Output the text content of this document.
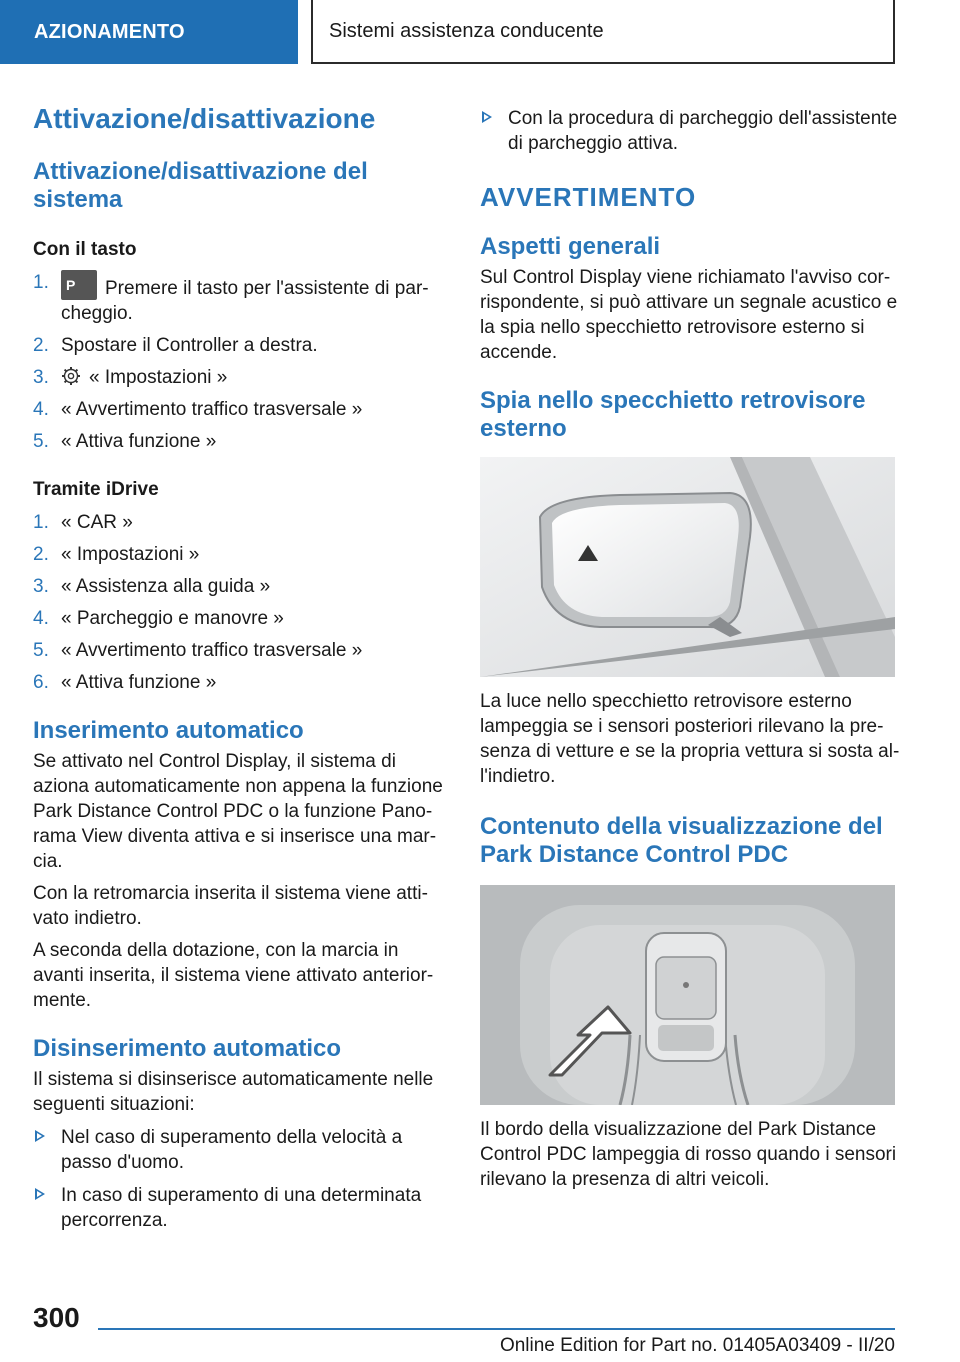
AZIONAMENTO	Sistemi assistenza conducente
Attivazione/disattivazione
Attivazione/disattivazione del sistema
Con il tasto
1. P Premere il tasto per l'assistente di parcheggio.
2. Spostare il Controller a destra.
3. « Impostazioni »
4. « Avvertimento traffico trasversale »
5. « Attiva funzione »
Tramite iDrive
1. « CAR »
2. « Impostazioni »
3. « Assistenza alla guida »
4. « Parcheggio e manovre »
5. « Avvertimento traffico trasversale »
6. « Attiva funzione »
Inserimento automatico

Se attivato nel Control Display, il sistema di aziona automaticamente non appena la funzione Park Distance Control PDC o la funzione Panorama View diventa attiva e si inserisce una marcia.

Con la retromarcia inserita il sistema viene attivato indietro.

A seconda della dotazione, con la marcia in avanti inserita, il sistema viene attivato anteriormente.

Disinserimento automatico

Il sistema si disinserisce automaticamente nelle seguenti situazioni:

Nel caso di superamento della velocità a passo d'uomo.
In caso di superamento di una determinata percorrenza.
Con la procedura di parcheggio dell'assistente di parcheggio attiva.
AVVERTIMENTO
Aspetti generali

Sul Control Display viene richiamato l'avviso corrispondente, si può attivare un segnale acustico e la spia nello specchietto retrovisore esterno si accende.

Spia nello specchietto retrovisore esterno

La luce nello specchietto retrovisore esterno lampeggia se i sensori posteriori rilevano la presenza di vetture e se la propria vettura si sosta all'indietro.

Contenuto della visualizzazione del Park Distance Control PDC

Il bordo della visualizzazione del Park Distance Control PDC lampeggia di rosso quando i sensori rilevano la presenza di altri veicoli.

300
Online Edition for Part no. 01405A03409 - II/20
